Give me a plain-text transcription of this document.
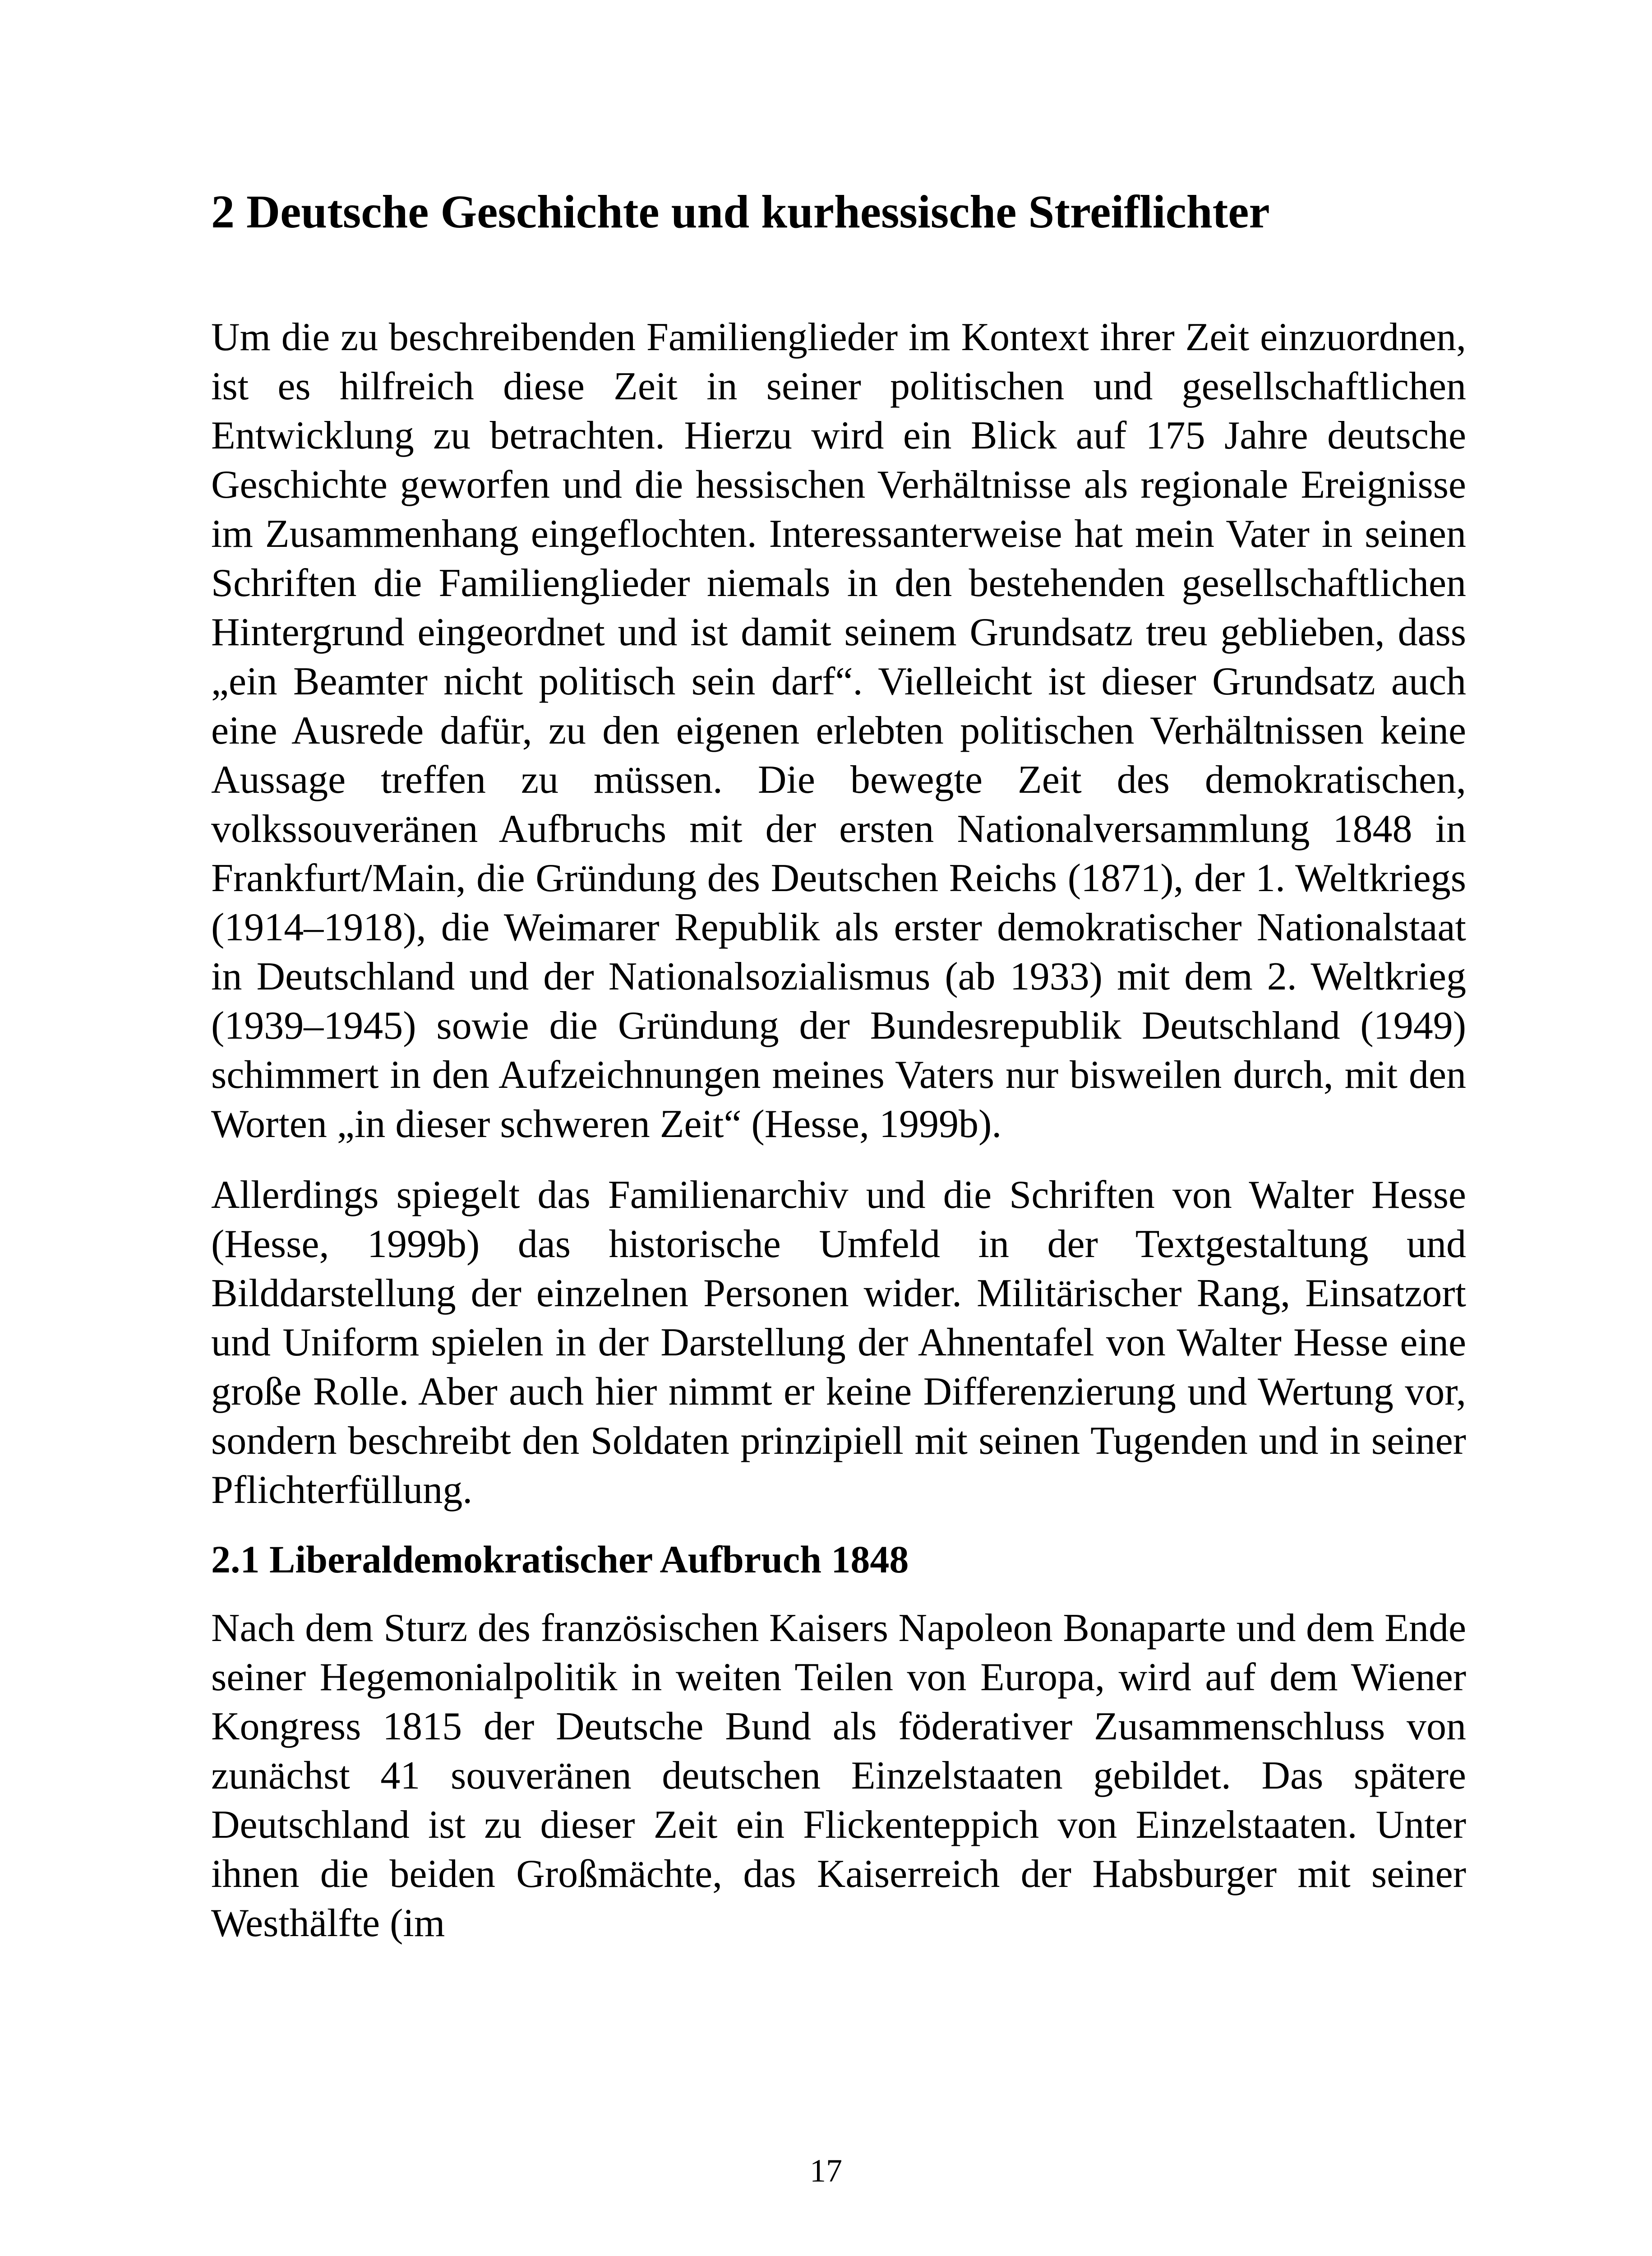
2 Deutsche Geschichte und kurhessische Streiflichter

Um die zu beschreibenden Familienglieder im Kontext ihrer Zeit einzuordnen, ist es hilfreich diese Zeit in seiner politischen und gesellschaftlichen Entwicklung zu betrachten. Hierzu wird ein Blick auf 175 Jahre deutsche Geschichte geworfen und die hessischen Verhältnisse als regionale Ereignisse im Zusammenhang eingeflochten. Interessanterweise hat mein Vater in seinen Schriften die Familienglieder niemals in den bestehenden gesellschaftlichen Hintergrund eingeordnet und ist damit seinem Grundsatz treu geblieben, dass „ein Beamter nicht politisch sein darf“. Vielleicht ist dieser Grundsatz auch eine Ausrede dafür, zu den eigenen erlebten politischen Verhältnissen keine Aussage treffen zu müssen. Die bewegte Zeit des demokratischen, volkssouveränen Aufbruchs mit der ersten Nationalversammlung 1848 in Frankfurt/Main, die Gründung des Deutschen Reichs (1871), der 1. Weltkriegs (1914–1918), die Weimarer Republik als erster demokratischer Nationalstaat in Deutschland und der Nationalsozialismus (ab 1933) mit dem 2. Weltkrieg (1939–1945) sowie die Gründung der Bundesrepublik Deutschland (1949) schimmert in den Aufzeichnungen meines Vaters nur bisweilen durch, mit den Worten „in dieser schweren Zeit“ (Hesse, 1999b).

Allerdings spiegelt das Familienarchiv und die Schriften von Walter Hesse (Hesse, 1999b) das historische Umfeld in der Textgestaltung und Bilddarstellung der einzelnen Personen wider. Militärischer Rang, Einsatzort und Uniform spielen in der Darstellung der Ahnentafel von Walter Hesse eine große Rolle. Aber auch hier nimmt er keine Differenzierung und Wertung vor, sondern beschreibt den Soldaten prinzipiell mit seinen Tugenden und in seiner Pflichterfüllung.

2.1 Liberaldemokratischer Aufbruch 1848

Nach dem Sturz des französischen Kaisers Napoleon Bonaparte und dem Ende seiner Hegemonialpolitik in weiten Teilen von Europa, wird auf dem Wiener Kongress 1815 der Deutsche Bund als föderativer Zusammenschluss von zunächst 41 souveränen deutschen Einzelstaaten gebildet. Das spätere Deutschland ist zu dieser Zeit ein Flickenteppich von Einzelstaaten. Unter ihnen die beiden Großmächte, das Kaiserreich der Habsburger mit seiner Westhälfte (im

17
